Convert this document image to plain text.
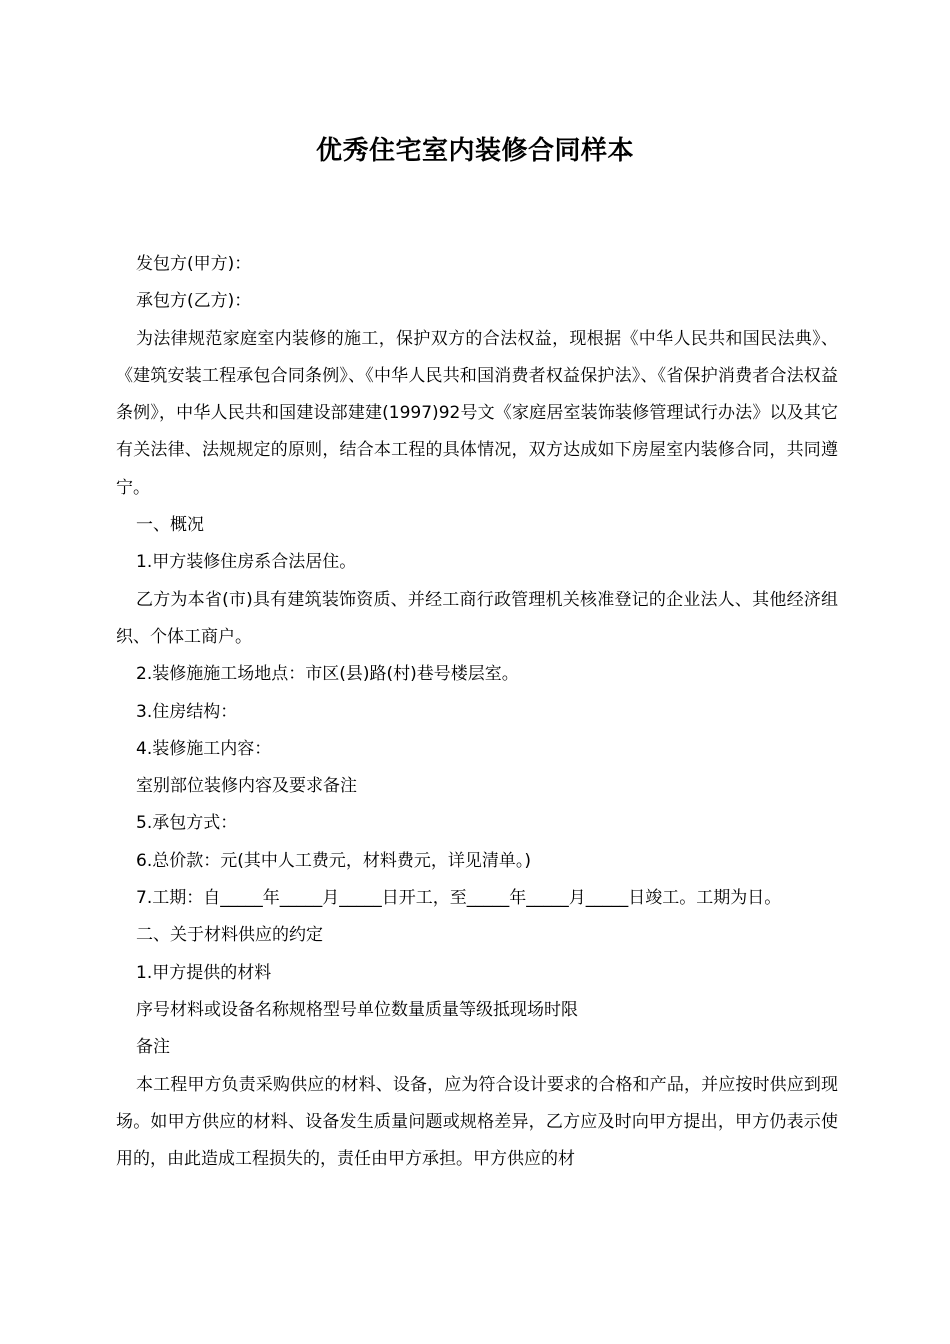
优秀住宅室内装修合同样本

发包方(甲方)：

承包方(乙方)：

为法律规范家庭室内装修的施工，保护双方的合法权益，现根据《中华人民共和国民法典》、《建筑安装工程承包合同条例》、《中华人民共和国消费者权益保护法》、《省保护消费者合法权益条例》，中华人民共和国建设部建建(1997)92号文《家庭居室装饰装修管理试行办法》以及其它有关法律、法规规定的原则，结合本工程的具体情况，双方达成如下房屋室内装修合同，共同遵宁。

一、概况

1.甲方装修住房系合法居住。

乙方为本省(市)具有建筑装饰资质、并经工商行政管理机关核准登记的企业法人、其他经济组织、个体工商户。

2.装修施施工场地点：市区(县)路(村)巷号楼层室。

3.住房结构：

4.装修施工内容：

室别部位装修内容及要求备注

5.承包方式：

6.总价款：元(其中人工费元，材料费元，详见清单。)

7.工期：自_____年_____月_____日开工，至_____年_____月_____日竣工。工期为日。

二、关于材料供应的约定

1.甲方提供的材料

序号材料或设备名称规格型号单位数量质量等级抵现场时限

备注

本工程甲方负责采购供应的材料、设备，应为符合设计要求的合格和产品，并应按时供应到现场。如甲方供应的材料、设备发生质量问题或规格差异，乙方应及时向甲方提出，甲方仍表示使用的，由此造成工程损失的，责任由甲方承担。甲方供应的材
